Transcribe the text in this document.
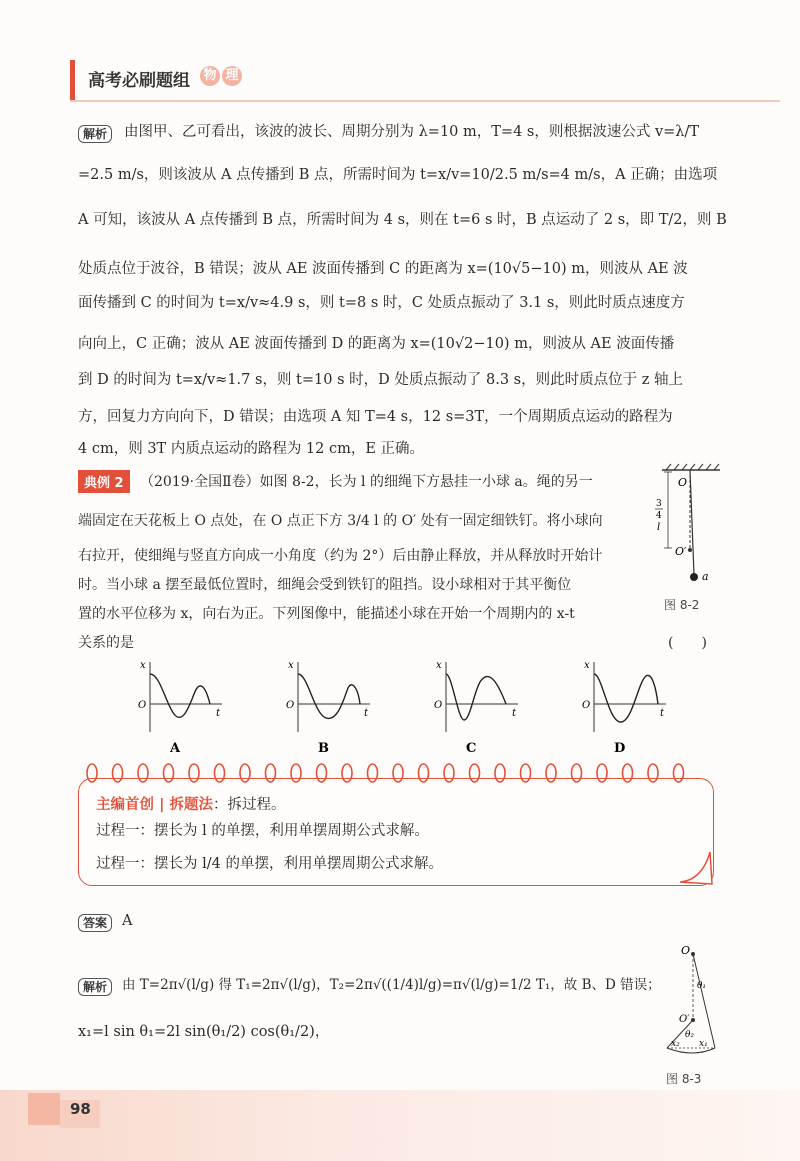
高考必刷题组 物 理
解析	由图甲、乙可看出，该波的波长、周期分别为 λ=10 m，T=4 s，则根据波速公式 v=λ/T
=2.5 m/s，则该波从 A 点传播到 B 点，所需时间为 t=x/v=10/2.5 m/s=4 m/s，A 正确；由选项
A 可知，该波从 A 点传播到 B 点，所需时间为 4 s，则在 t=6 s 时，B 点运动了 2 s，即 T/2，则 B
处质点位于波谷，B 错误；波从 AE 波面传播到 C 的距离为 x=(10√5−10) m，则波从 AE 波
面传播到 C 的时间为 t=x/v≈4.9 s，则 t=8 s 时，C 处质点振动了 3.1 s，则此时质点速度方
向向上，C 正确；波从 AE 波面传播到 D 的距离为 x=(10√2−10) m，则波从 AE 波面传播
到 D 的时间为 t=x/v≈1.7 s，则 t=10 s 时，D 处质点振动了 8.3 s，则此时质点位于 z 轴上
方，回复力方向向下，D 错误；由选项 A 知 T=4 s，12 s=3T，一个周期质点运动的路程为
4 cm，则 3T 内质点运动的路程为 12 cm，E 正确。
典例 2	（2019·全国Ⅱ卷）如图 8-2，长为 l 的细绳下方悬挂一小球 a。绳的另一
端固定在天花板上 O 点处，在 O 点正下方 3/4 l 的 O′ 处有一固定细铁钉。将小球向
右拉开，使细绳与竖直方向成一小角度（约为 2°）后由静止释放，并从释放时开始计
时。当小球 a 摆至最低位置时，细绳会受到铁钉的阻挡。设小球相对于其平衡位
置的水平位移为 x，向右为正。下列图像中，能描述小球在开始一个周期内的 x-t
关系的是	(　　)
O
O′
a
3
4
l
图 8-2
O
t
x
A
O
t
x
B
O
t
x
C
O
t
x
D
主编首创 | 拆题法：拆过程。
过程一：摆长为 l 的单摆，利用单摆周期公式求解。
过程一：摆长为 l/4 的单摆，利用单摆周期公式求解。
答案	A
解析	由 T=2π√(l/g) 得 T₁=2π√(l/g)，T₂=2π√((1/4)l/g)=π√(l/g)=1/2 T₁，故 B、D 错误；
x₁=l sin θ₁=2l sin(θ₁/2) cos(θ₁/2)，
O
O′
θ₁
θ₂
x₂ x₁
图 8-3
98
